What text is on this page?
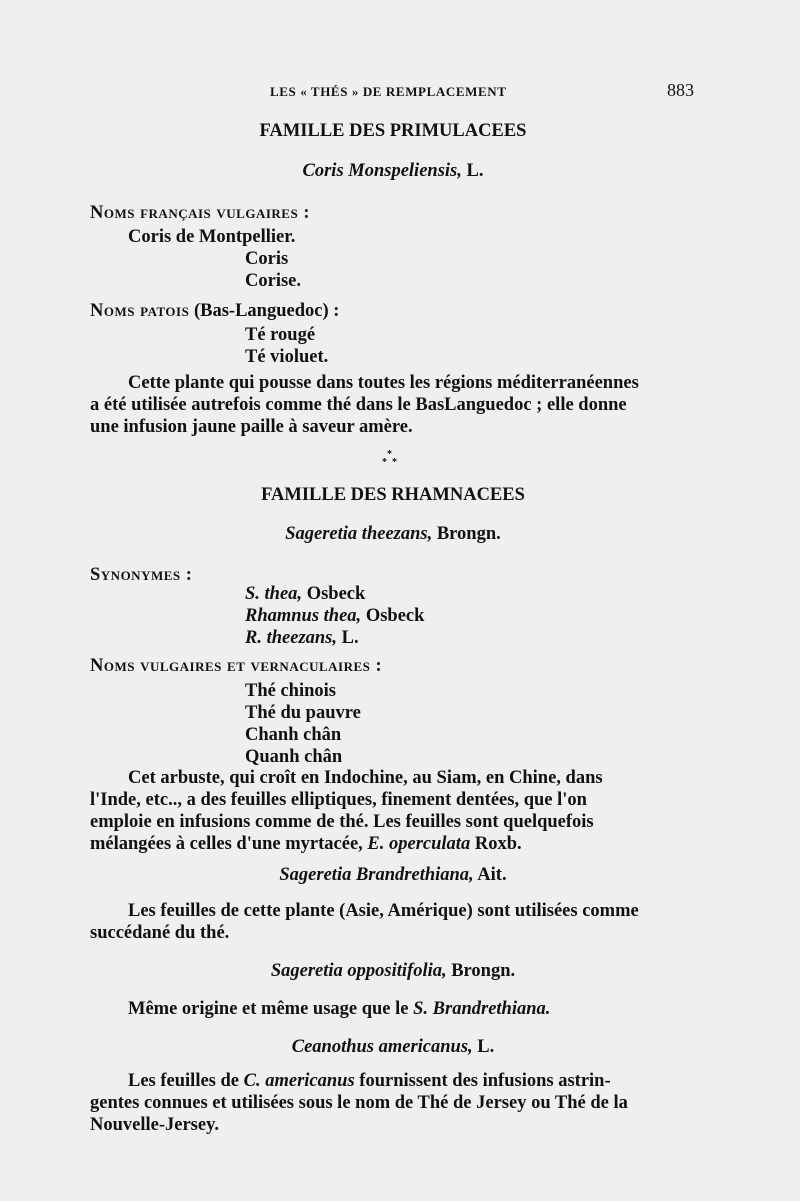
LES « THÉS » DE REMPLACEMENT	883
FAMILLE DES PRIMULACEES
Coris Monspeliensis, L.
Noms français vulgaires :
Coris de Montpellier.
Coris
Corise.
Noms patois (Bas-Languedoc) :
Té rougé
Té violuet.
Cette plante qui pousse dans toutes les régions méditerranéennes
a été utilisée autrefois comme thé dans le BasLanguedoc ; elle donne
une infusion jaune paille à saveur amère.
*
* *
FAMILLE DES RHAMNACEES
Sageretia theezans, Brongn.
Synonymes :
S. thea, Osbeck
Rhamnus thea, Osbeck
R. theezans, L.
Noms vulgaires et vernaculaires :
Thé chinois
Thé du pauvre
Chanh chân
Quanh chân
Cet arbuste, qui croît en Indochine, au Siam, en Chine, dans
l'Inde, etc.., a des feuilles elliptiques, finement dentées, que l'on
emploie en infusions comme de thé. Les feuilles sont quelquefois
mélangées à celles d'une myrtacée, E. operculata Roxb.
Sageretia Brandrethiana, Ait.
Les feuilles de cette plante (Asie, Amérique) sont utilisées comme
succédané du thé.
Sageretia oppositifolia, Brongn.
Même origine et même usage que le S. Brandrethiana.
Ceanothus americanus, L.
Les feuilles de C. americanus fournissent des infusions astrin-
gentes connues et utilisées sous le nom de Thé de Jersey ou Thé de la
Nouvelle-Jersey.
